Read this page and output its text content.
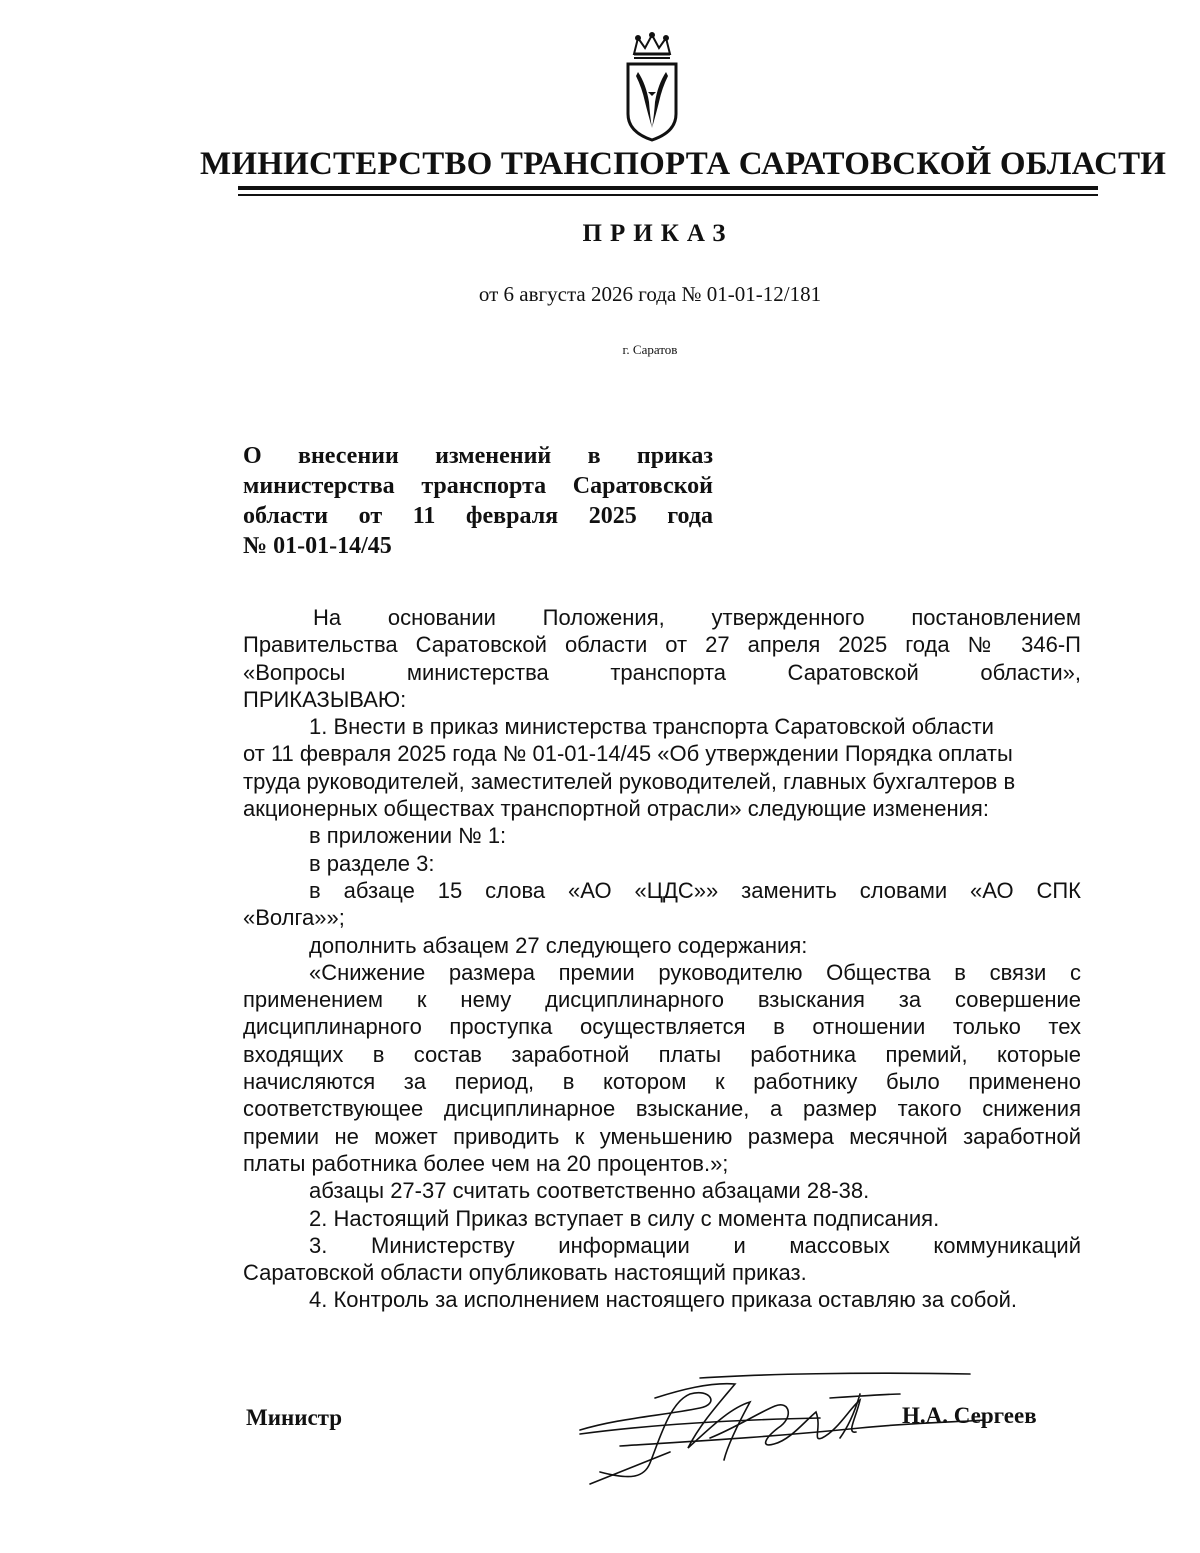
МИНИСТЕРСТВО ТРАНСПОРТА САРАТОВСКОЙ ОБЛАСТИ
ПРИКАЗ
от 6 августа 2026 года № 01-01-12/181
г. Саратов
О внесении изменений в приказ
министерства транспорта Саратовской
области от 11 февраля 2025 года
№ 01-01-14/45
На основании Положения, утвержденного постановлением
Правительства Саратовской области от 27 апреля 2025 года № 346-П
«Вопросы министерства транспорта Саратовской области»,
ПРИКАЗЫВАЮ:
1. Внести в приказ министерства транспорта Саратовской области
от 11 февраля 2025 года № 01-01-14/45 «Об утверждении Порядка оплаты
труда руководителей, заместителей руководителей, главных бухгалтеров в
акционерных обществах транспортной отрасли» следующие изменения:
в приложении № 1:
в разделе 3:
в абзаце 15 слова «АО «ЦДС»» заменить словами «АО СПК
«Волга»»;
дополнить абзацем 27 следующего содержания:
«Снижение размера премии руководителю Общества в связи с
применением к нему дисциплинарного взыскания за совершение
дисциплинарного проступка осуществляется в отношении только тех
входящих в состав заработной платы работника премий, которые
начисляются за период, в котором к работнику было применено
соответствующее дисциплинарное взыскание, а размер такого снижения
премии не может приводить к уменьшению размера месячной заработной
платы работника более чем на 20 процентов.»;
абзацы 27-37 считать соответственно абзацами 28-38.
2. Настоящий Приказ вступает в силу с момента подписания.
3. Министерству информации и массовых коммуникаций
Саратовской области опубликовать настоящий приказ.
4. Контроль за исполнением настоящего приказа оставляю за собой.
Министр	Н.А. Сергеев
